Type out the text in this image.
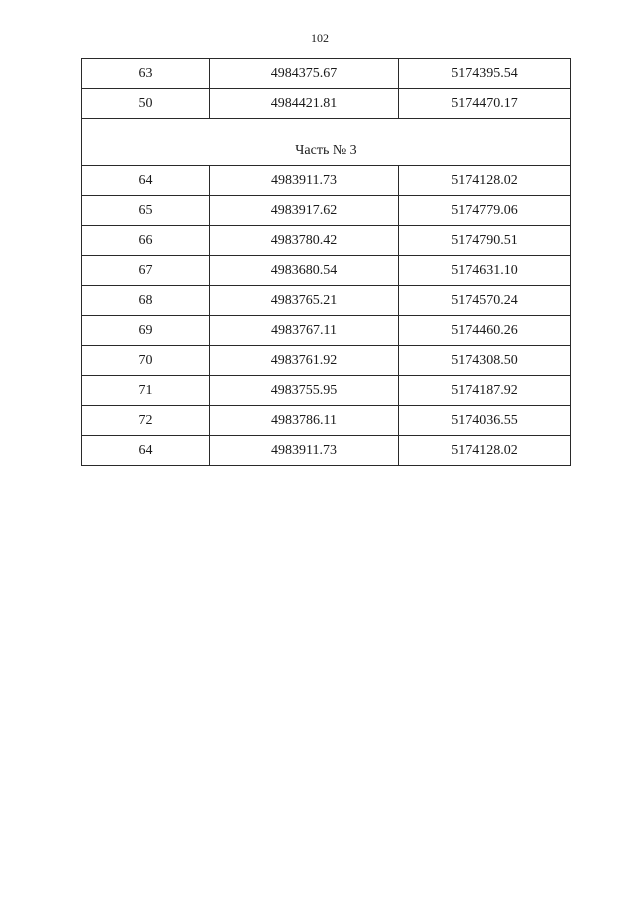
102
63	4984375.67	5174395.54
50	4984421.81	5174470.17
Часть № 3		
64	4983911.73	5174128.02
65	4983917.62	5174779.06
66	4983780.42	5174790.51
67	4983680.54	5174631.10
68	4983765.21	5174570.24
69	4983767.11	5174460.26
70	4983761.92	5174308.50
71	4983755.95	5174187.92
72	4983786.11	5174036.55
64	4983911.73	5174128.02
